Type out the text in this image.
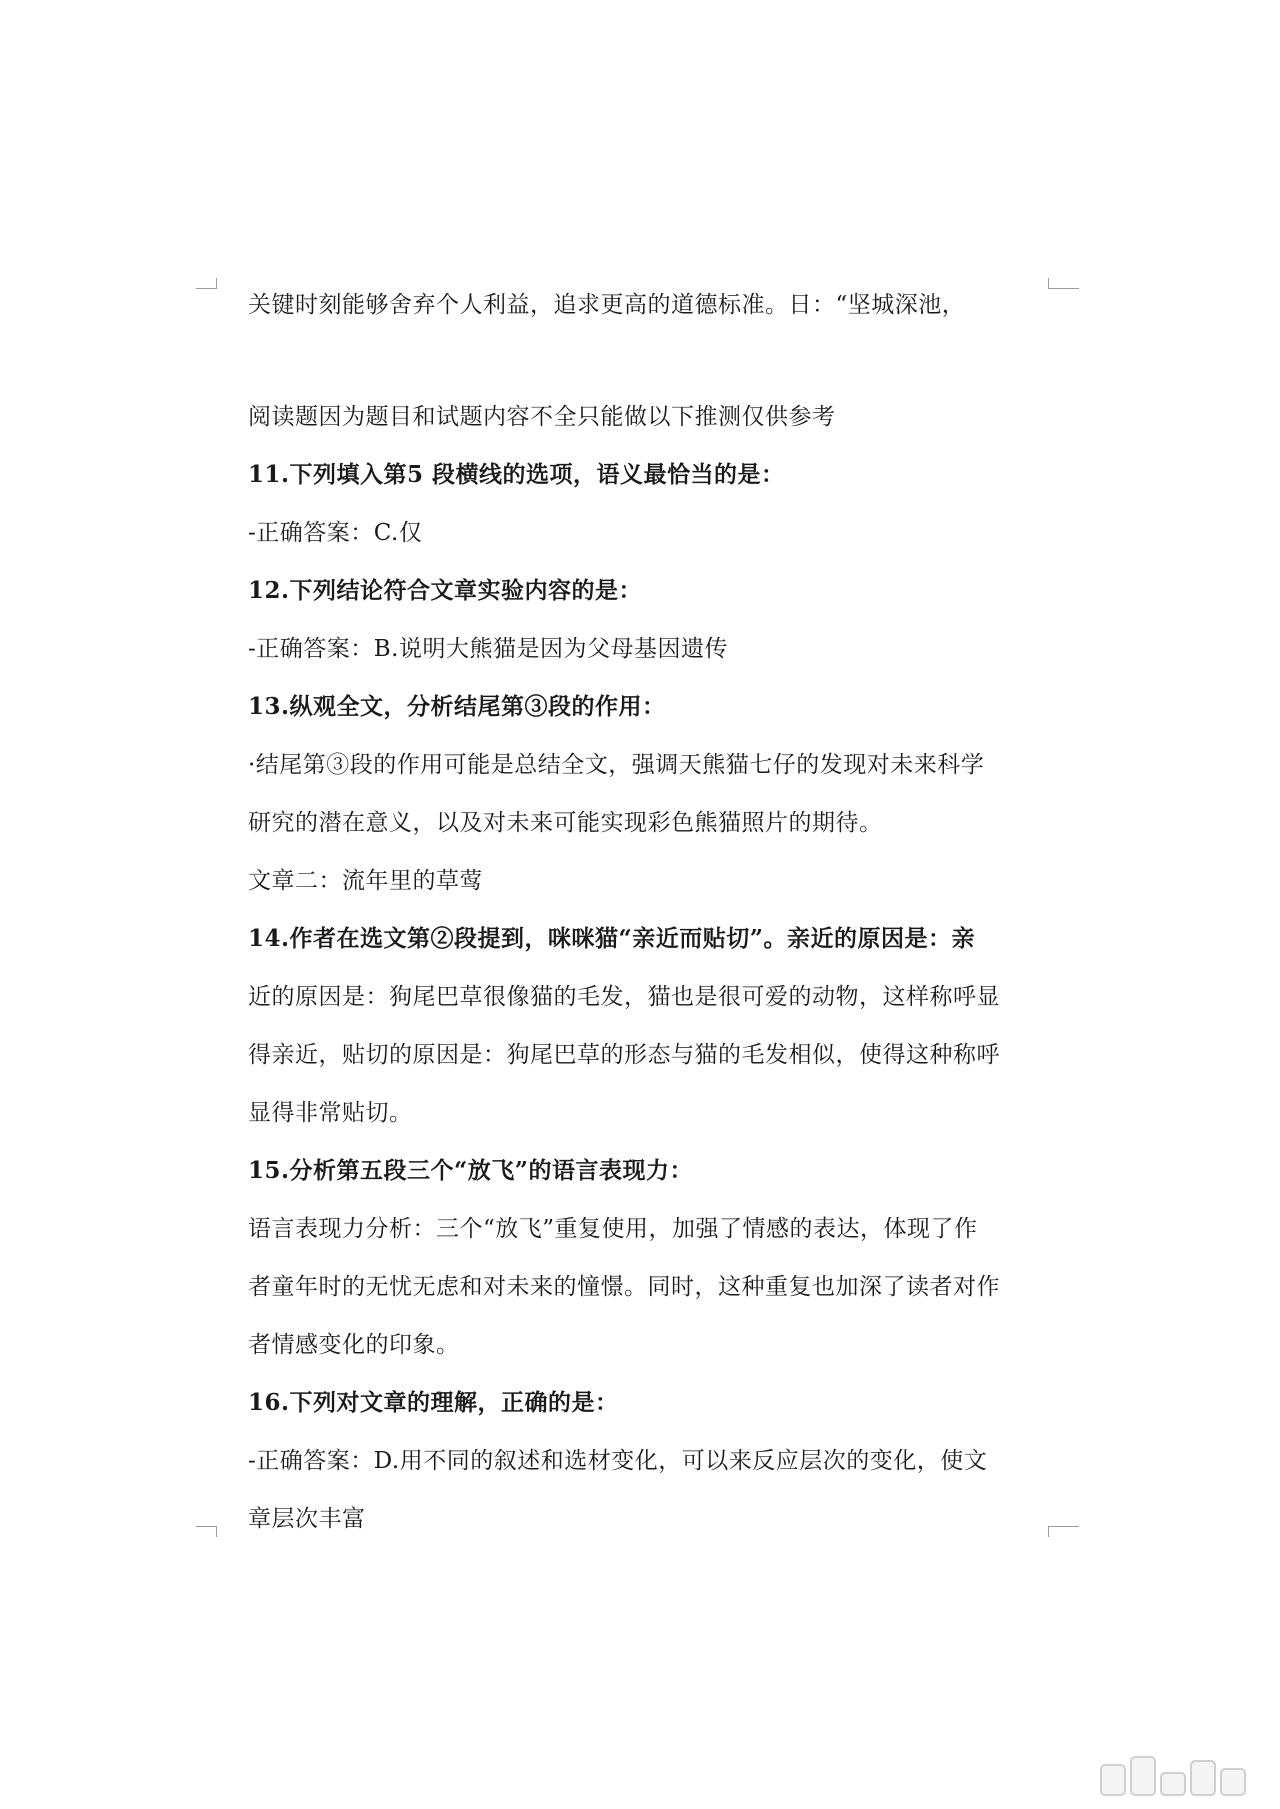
关键时刻能够舍弃个人利益，追求更高的道德标准。日：“坚城深池，
阅读题因为题目和试题内容不全只能做以下推测仅供参考
11.下列填入第5 段横线的选项，语义最恰当的是：
-正确答案：C.仅
12.下列结论符合文章实验内容的是：
-正确答案：B.说明大熊猫是因为父母基因遗传
13.纵观全文，分析结尾第③段的作用：
·结尾第③段的作用可能是总结全文，强调天熊猫七仔的发现对未来科学
研究的潜在意义，以及对未来可能实现彩色熊猫照片的期待。
文章二：流年里的草莺
14.作者在选文第②段提到，咪咪猫“亲近而贴切”。亲近的原因是：亲
近的原因是：狗尾巴草很像猫的毛发，猫也是很可爱的动物，这样称呼显
得亲近，贴切的原因是：狗尾巴草的形态与猫的毛发相似，使得这种称呼
显得非常贴切。
15.分析第五段三个“放飞”的语言表现力：
语言表现力分析：三个“放飞”重复使用，加强了情感的表达，体现了作
者童年时的无忧无虑和对未来的憧憬。同时，这种重复也加深了读者对作
者情感变化的印象。
16.下列对文章的理解，正确的是：
-正确答案：D.用不同的叙述和选材变化，可以来反应层次的变化，使文
章层次丰富
